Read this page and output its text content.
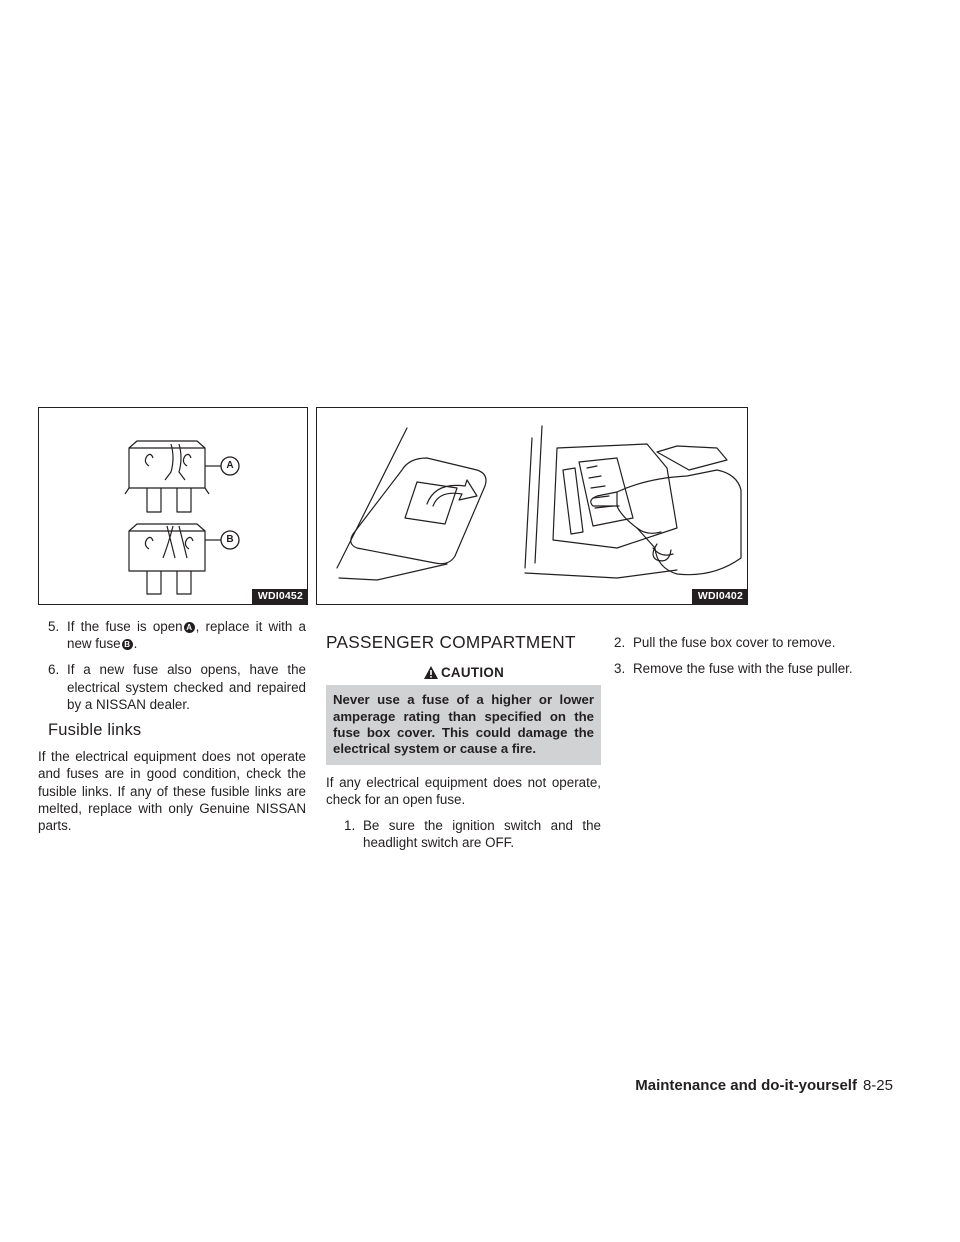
A
B
WDI0452	WDI0402
5. If the fuse is open A , replace it with a new fuse B .
6. If a new fuse also opens, have the electrical system checked and repaired by a NISSAN dealer.
Fusible links

If the electrical equipment does not operate and fuses are in good condition, check the fusible links. If any of these fusible links are melted, replace with only Genuine NISSAN parts.

PASSENGER COMPARTMENT
CAUTION
Never use a fuse of a higher or lower amperage rating than specified on the fuse box cover. This could damage the electrical system or cause a fire.

If any electrical equipment does not operate, check for an open fuse.

1. Be sure the ignition switch and the headlight switch are OFF.
2. Pull the fuse box cover to remove.
3. Remove the fuse with the fuse puller.
Maintenance and do-it-yourself 8-25
